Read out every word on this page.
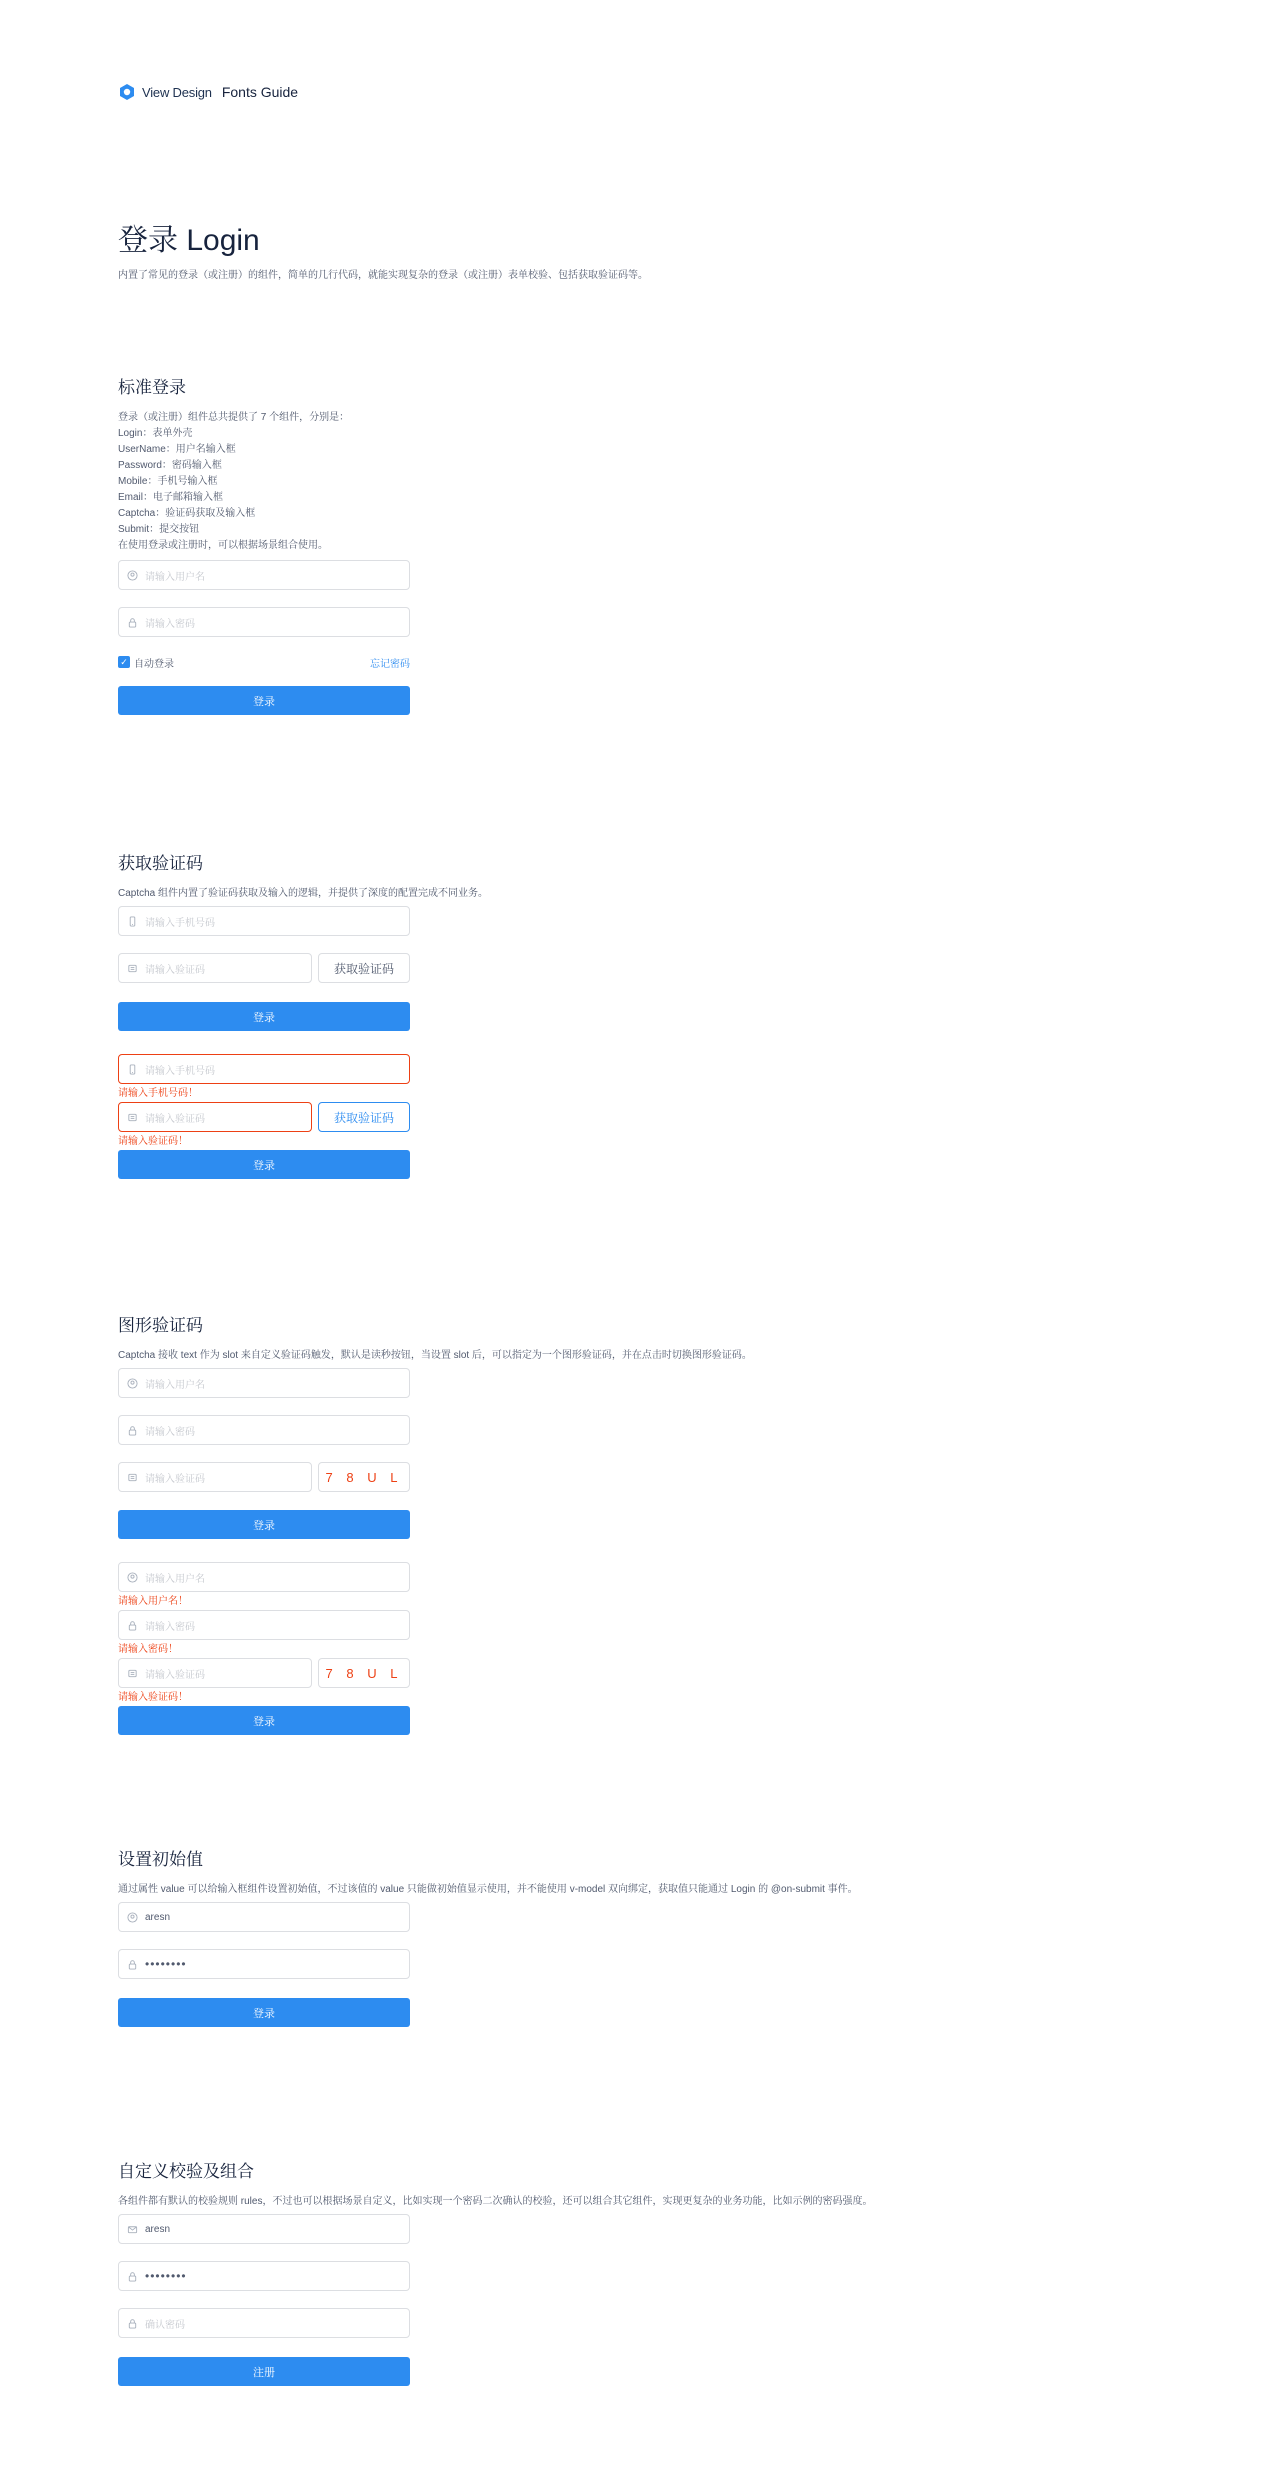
View Design Fonts Guide
登录 Login
内置了常见的登录（或注册）的组件，简单的几行代码，就能实现复杂的登录（或注册）表单校验、包括获取验证码等。
标准登录
登录（或注册）组件总共提供了 7 个组件，分别是：
Login：表单外壳
UserName：用户名输入框
Password：密码输入框
Mobile：手机号输入框
Email：电子邮箱输入框
Captcha：验证码获取及输入框
Submit：提交按钮
在使用登录或注册时，可以根据场景组合使用。
请输入用户名
请输入密码
✓ 自动登录	忘记密码
登录
获取验证码
Captcha 组件内置了验证码获取及输入的逻辑，并提供了深度的配置完成不同业务。
请输入手机号码
请输入验证码	获取验证码
登录
请输入手机号码
请输入手机号码！
请输入验证码	获取验证码
请输入验证码！
登录
图形验证码
Captcha 接收 text 作为 slot 来自定义验证码触发，默认是读秒按钮，当设置 slot 后，可以指定为一个图形验证码，并在点击时切换图形验证码。
请输入用户名
请输入密码
请输入验证码	7 8 U L
登录
请输入用户名
请输入用户名！
请输入密码
请输入密码！
请输入验证码	7 8 U L
请输入验证码！
登录
设置初始值
通过属性 value 可以给输入框组件设置初始值，不过该值的 value 只能做初始值显示使用，并不能使用 v-model 双向绑定，获取值只能通过 Login 的 @on-submit 事件。
aresn
••••••••
登录
自定义校验及组合
各组件都有默认的校验规则 rules，不过也可以根据场景自定义，比如实现一个密码二次确认的校验，还可以组合其它组件，实现更复杂的业务功能，比如示例的密码强度。
aresn
••••••••
确认密码
注册
